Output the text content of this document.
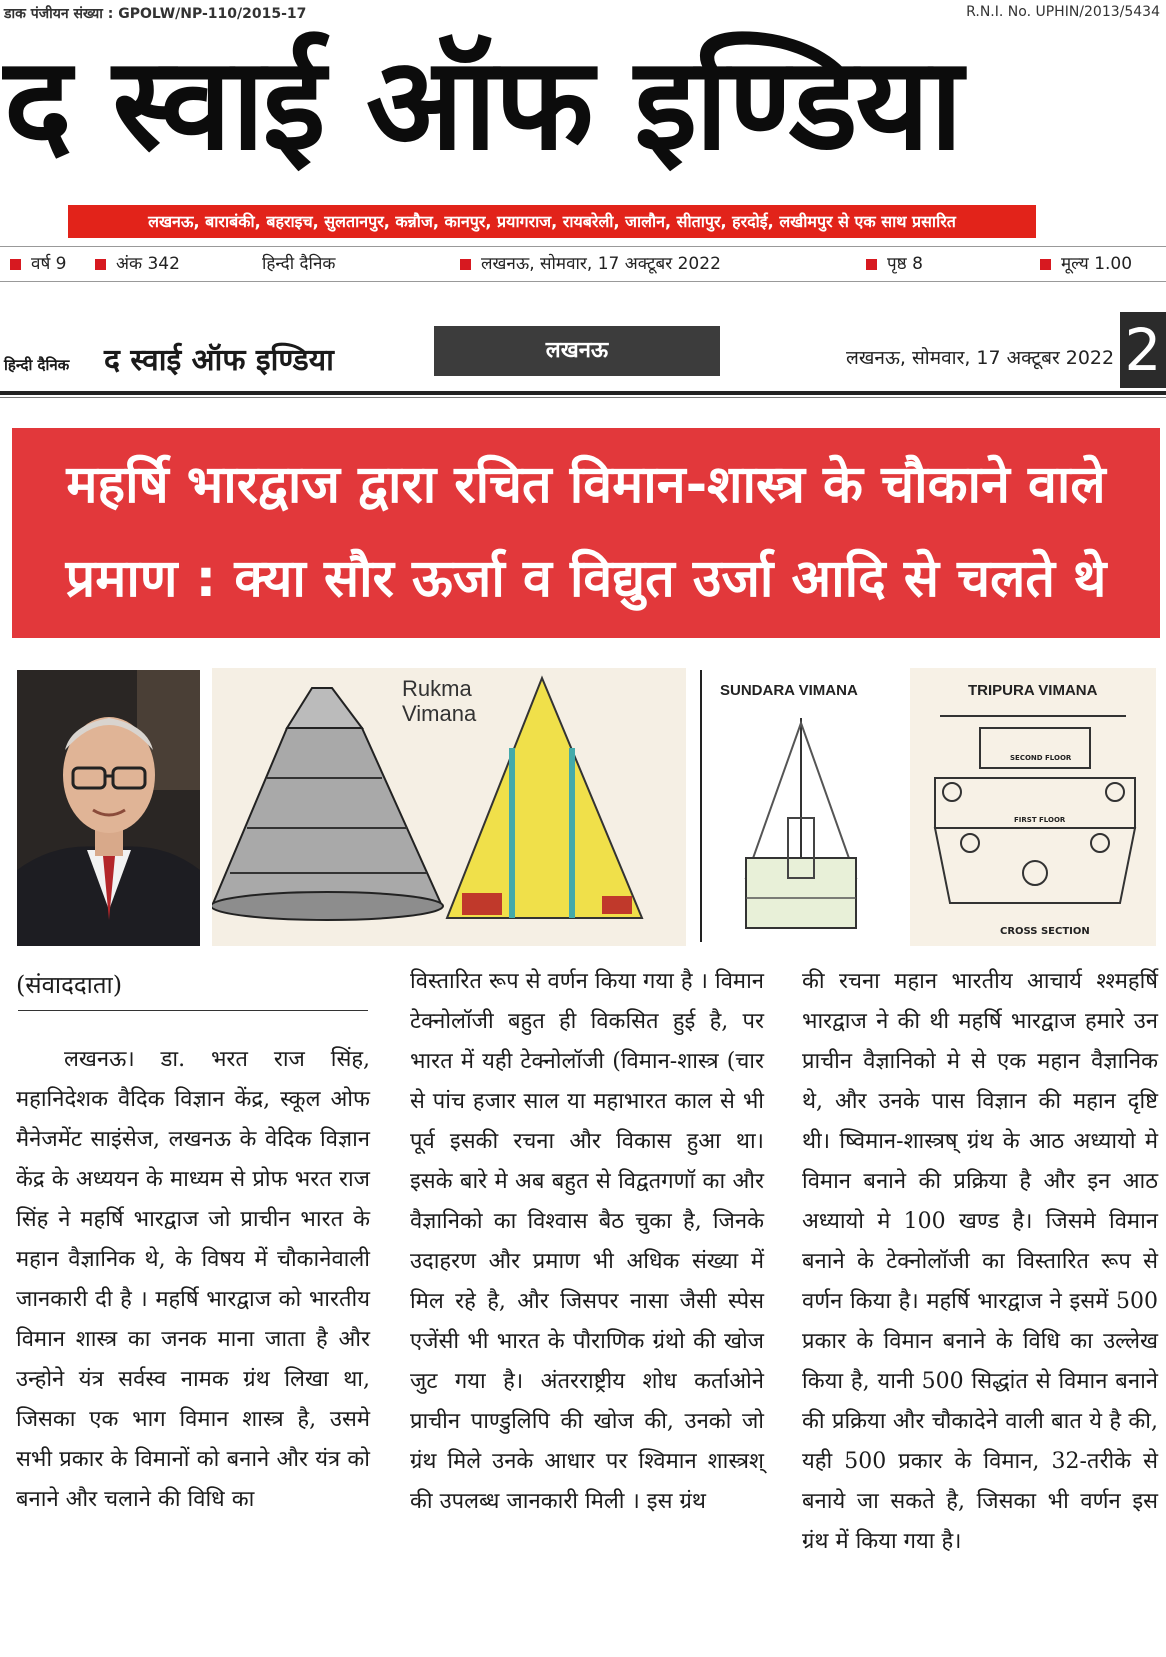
डाक पंजीयन संख्या : GPOLW/NP-110/2015-17	R.N.I. No. UPHIN/2013/5434
द स्वाई ऑफ इण्डिया
लखनऊ, बाराबंकी, बहराइच, सुलतानपुर, कन्नौज, कानपुर, प्रयागराज, रायबरेली, जालौन, सीतापुर, हरदोई, लखीमपुर से एक साथ प्रसारित
वर्ष 9	अंक 342	हिन्दी दैनिक	लखनऊ, सोमवार, 17 अक्टूबर 2022	पृष्ठ 8	मूल्य 1.00
हिन्दी दैनिक द स्वाई ऑफ इण्डिया	लखनऊ	लखनऊ, सोमवार, 17 अक्टूबर 2022 2
महर्षि भारद्वाज द्वारा रचित विमान-शास्त्र के चौकाने वाले
प्रमाण : क्या सौर ऊर्जा व विद्युत उर्जा आदि से चलते थे
Rukma Vimana
SUNDARA VIMANA	TRIPURA VIMANA
SECOND FLOOR
FIRST FLOOR
CROSS SECTION
(संवाददाता)

लखनऊ। डा. भरत राज सिंह, महानिदेशक वैदिक विज्ञान केंद्र, स्कूल ओफ मैनेजमेंट साइंसेज, लखनऊ के वेदिक विज्ञान केंद्र के अध्ययन के माध्यम से प्रोफ भरत राज सिंह ने महर्षि भारद्वाज जो प्राचीन भारत के महान वैज्ञानिक थे, के विषय में चौकानेवाली जानकारी दी है । महर्षि भारद्वाज को भारतीय विमान शास्त्र का जनक माना जाता है और उन्होने यंत्र सर्वस्व नामक ग्रंथ लिखा था, जिसका एक भाग विमान शास्त्र है, उसमे सभी प्रकार के विमानों को बनाने और यंत्र को बनाने और चलाने की विधि का

विस्तारित रूप से वर्णन किया गया है । विमान टेक्नोलॉजी बहुत ही विकसित हुई है, पर भारत में यही टेक्नोलॉजी (विमान-शास्त्र (चार से पांच हजार साल या महाभारत काल से भी पूर्व इसकी रचना और विकास हुआ था। इसके बारे मे अब बहुत से विद्वतगणॉ का और वैज्ञानिको का विश्वास बैठ चुका है, जिनके उदाहरण और प्रमाण भी अधिक संख्या में मिल रहे है, और जिसपर नासा जैसी स्पेस एजेंसी भी भारत के पौराणिक ग्रंथो की खोज जुट गया है। अंतरराष्ट्रीय शोध कर्ताओने प्राचीन पाण्डुलिपि की खोज की, उनको जो ग्रंथ मिले उनके आधार पर श्विमान शास्त्रश् की उपलब्ध जानकारी मिली । इस ग्रंथ

की रचना महान भारतीय आचार्य श्श्महर्षि भारद्वाज ने की थी महर्षि भारद्वाज हमारे उन प्राचीन वैज्ञानिको मे से एक महान वैज्ञानिक थे, और उनके पास विज्ञान की महान दृष्टि थी। ष्विमान-शास्त्रष् ग्रंथ के आठ अध्यायो मे विमान बनाने की प्रक्रिया है और इन आठ अध्यायो मे 100 खण्ड है। जिसमे विमान बनाने के टेक्नोलॉजी का विस्तारित रूप से वर्णन किया है। महर्षि भारद्वाज ने इसमें 500 प्रकार के विमान बनाने के विधि का उल्लेख किया है, यानी 500 सिद्धांत से विमान बनाने की प्रक्रिया और चौकादेने वाली बात ये है की, यही 500 प्रकार के विमान, 32-तरीके से बनाये जा सकते है, जिसका भी वर्णन इस ग्रंथ में किया गया है।
